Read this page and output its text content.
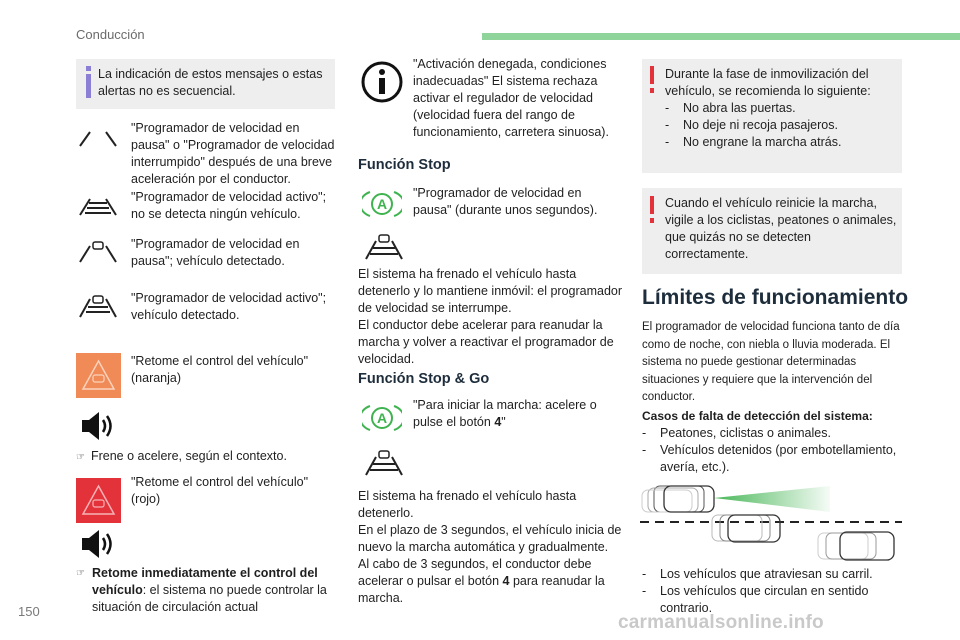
Conducción
La indicación de estos mensajes o estas alertas no es secuencial.
"Programador de velocidad en pausa" o "Programador de velocidad interrumpido" después de una breve aceleración por el conductor.
"Programador de velocidad activo"; no se detecta ningún vehículo.
"Programador de velocidad en pausa"; vehículo detectado.
"Programador de velocidad activo"; vehículo detectado.
"Retome el control del vehículo" (naranja)
☞ Frene o acelere, según el contexto.
"Retome el control del vehículo" (rojo)
☞ Retome inmediatamente el control del vehículo: el sistema no puede controlar la situación de circulación actual
"Activación denegada, condiciones inadecuadas" El sistema rechaza activar el regulador de velocidad (velocidad fuera del rango de funcionamiento, carretera sinuosa).
Función Stop
A
"Programador de velocidad en pausa" (durante unos segundos).
El sistema ha frenado el vehículo hasta detenerlo y lo mantiene inmóvil: el programador de velocidad se interrumpe.
El conductor debe acelerar para reanudar la marcha y volver a reactivar el programador de velocidad.
Función Stop & Go
A
"Para iniciar la marcha: acelere o pulse el botón 4"
El sistema ha frenado el vehículo hasta detenerlo.
En el plazo de 3 segundos, el vehículo inicia de nuevo la marcha automática y gradualmente.
Al cabo de 3 segundos, el conductor debe acelerar o pulsar el botón 4 para reanudar la marcha.
Durante la fase de inmovilización del vehículo, se recomienda lo siguiente:
- No abra las puertas.
- No deje ni recoja pasajeros.
- No engrane la marcha atrás.
Cuando el vehículo reinicie la marcha, vigile a los ciclistas, peatones o animales, que quizás no se detecten correctamente.
Límites de funcionamiento
El programador de velocidad funciona tanto de día como de noche, con niebla o lluvia moderada. El sistema no puede gestionar determinadas situaciones y requiere que la intervención del conductor.
Casos de falta de detección del sistema:
- Peatones, ciclistas o animales.
- Vehículos detenidos (por embotellamiento, avería, etc.).
- Los vehículos que atraviesan su carril.
- Los vehículos que circulan en sentido contrario.
150
carmanualsonline.info
